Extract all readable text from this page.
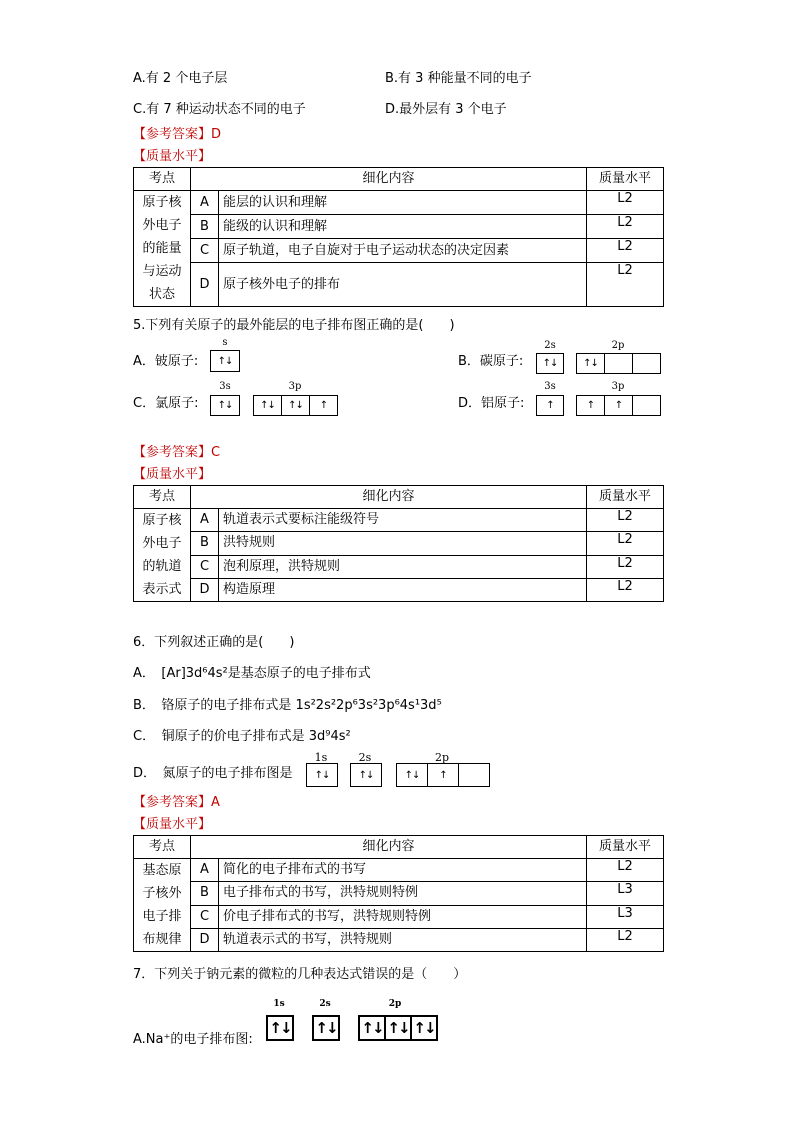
A.有 2 个电子层	B.有 3 种能量不同的电子
C.有 7 种运动状态不同的电子	D.最外层有 3 个电子
【参考答案】D
【质量水平】
考点	细化内容		质量水平

原子核
外电子
的能量
与运动
状态	A	能层的认识和理解	L2
	B	能级的认识和理解	L2
	C	原子轨道，电子自旋对于电子运动状态的决定因素	L2
	D	原子核外电子的排布	L2
5.下列有关原子的最外能层的电子排布图正确的是(　　)
A．铍原子:
s
↑↓	B．碳原子:
2s	2p
↑↓	↑↓
C．氯原子:
3s	3p
↑↓	↑↓	↑↓	↑	D．铝原子:
3s	3p
↑	↑	↑
【参考答案】C
【质量水平】
考点	细化内容		质量水平

原子核
外电子
的轨道
表示式	A	轨道表示式要标注能级符号	L2
	B	洪特规则	L2
	C	泡利原理，洪特规则	L2
	D	构造原理	L2
6．下列叙述正确的是(　　)
A．　[Ar]3d⁶4s²是基态原子的电子排布式
B．　铬原子的电子排布式是 1s²2s²2p⁶3s²3p⁶4s¹3d⁵
C．　铜原子的价电子排布式是 3d⁹4s²
D．　氮原子的电子排布图是
1s	2s	2p
↑↓	↑↓	↑↓	↑
【参考答案】A
【质量水平】
考点	细化内容		质量水平

基态原
子核外
电子排
布规律	A	简化的电子排布式的书写	L2
	B	电子排布式的书写，洪特规则特例	L3
	C	价电子排布式的书写，洪特规则特例	L3
	D	轨道表示式的书写，洪特规则	L2
7．下列关于钠元素的微粒的几种表达式错误的是（　　）
A.Na⁺的电子排布图:
1s	2s	2p
↑↓ ↑↓ ↑↓ ↑↓ ↑↓
